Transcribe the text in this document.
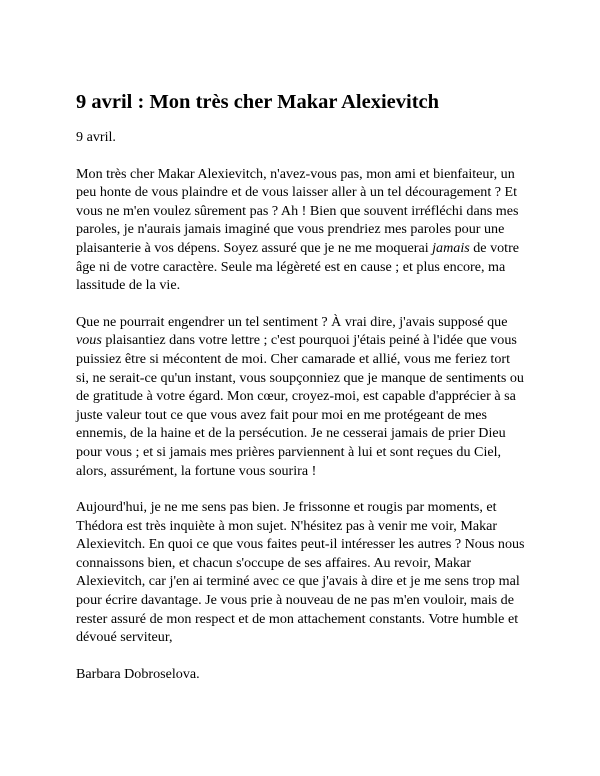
9 avril : Mon très cher Makar Alexievitch

9 avril.

Mon très cher Makar Alexievitch, n'avez-vous pas, mon ami et bienfaiteur, un peu honte de vous plaindre et de vous laisser aller à un tel découragement ? Et vous ne m'en voulez sûrement pas ? Ah ! Bien que souvent irréfléchi dans mes paroles, je n'aurais jamais imaginé que vous prendriez mes paroles pour une plaisanterie à vos dépens. Soyez assuré que je ne me moquerai jamais de votre âge ni de votre caractère. Seule ma légèreté est en cause ; et plus encore, ma lassitude de la vie.

Que ne pourrait engendrer un tel sentiment ? À vrai dire, j'avais supposé que vous plaisantiez dans votre lettre ; c'est pourquoi j'étais peiné à l'idée que vous puissiez être si mécontent de moi. Cher camarade et allié, vous me feriez tort si, ne serait-ce qu'un instant, vous soupçonniez que je manque de sentiments ou de gratitude à votre égard. Mon cœur, croyez-moi, est capable d'apprécier à sa juste valeur tout ce que vous avez fait pour moi en me protégeant de mes ennemis, de la haine et de la persécution. Je ne cesserai jamais de prier Dieu pour vous ; et si jamais mes prières parviennent à lui et sont reçues du Ciel, alors, assurément, la fortune vous sourira !

Aujourd'hui, je ne me sens pas bien. Je frissonne et rougis par moments, et Thédora est très inquiète à mon sujet. N'hésitez pas à venir me voir, Makar Alexievitch. En quoi ce que vous faites peut-il intéresser les autres ? Nous nous connaissons bien, et chacun s'occupe de ses affaires. Au revoir, Makar Alexievitch, car j'en ai terminé avec ce que j'avais à dire et je me sens trop mal pour écrire davantage. Je vous prie à nouveau de ne pas m'en vouloir, mais de rester assuré de mon respect et de mon attachement constants. Votre humble et dévoué serviteur,

Barbara Dobroselova.
